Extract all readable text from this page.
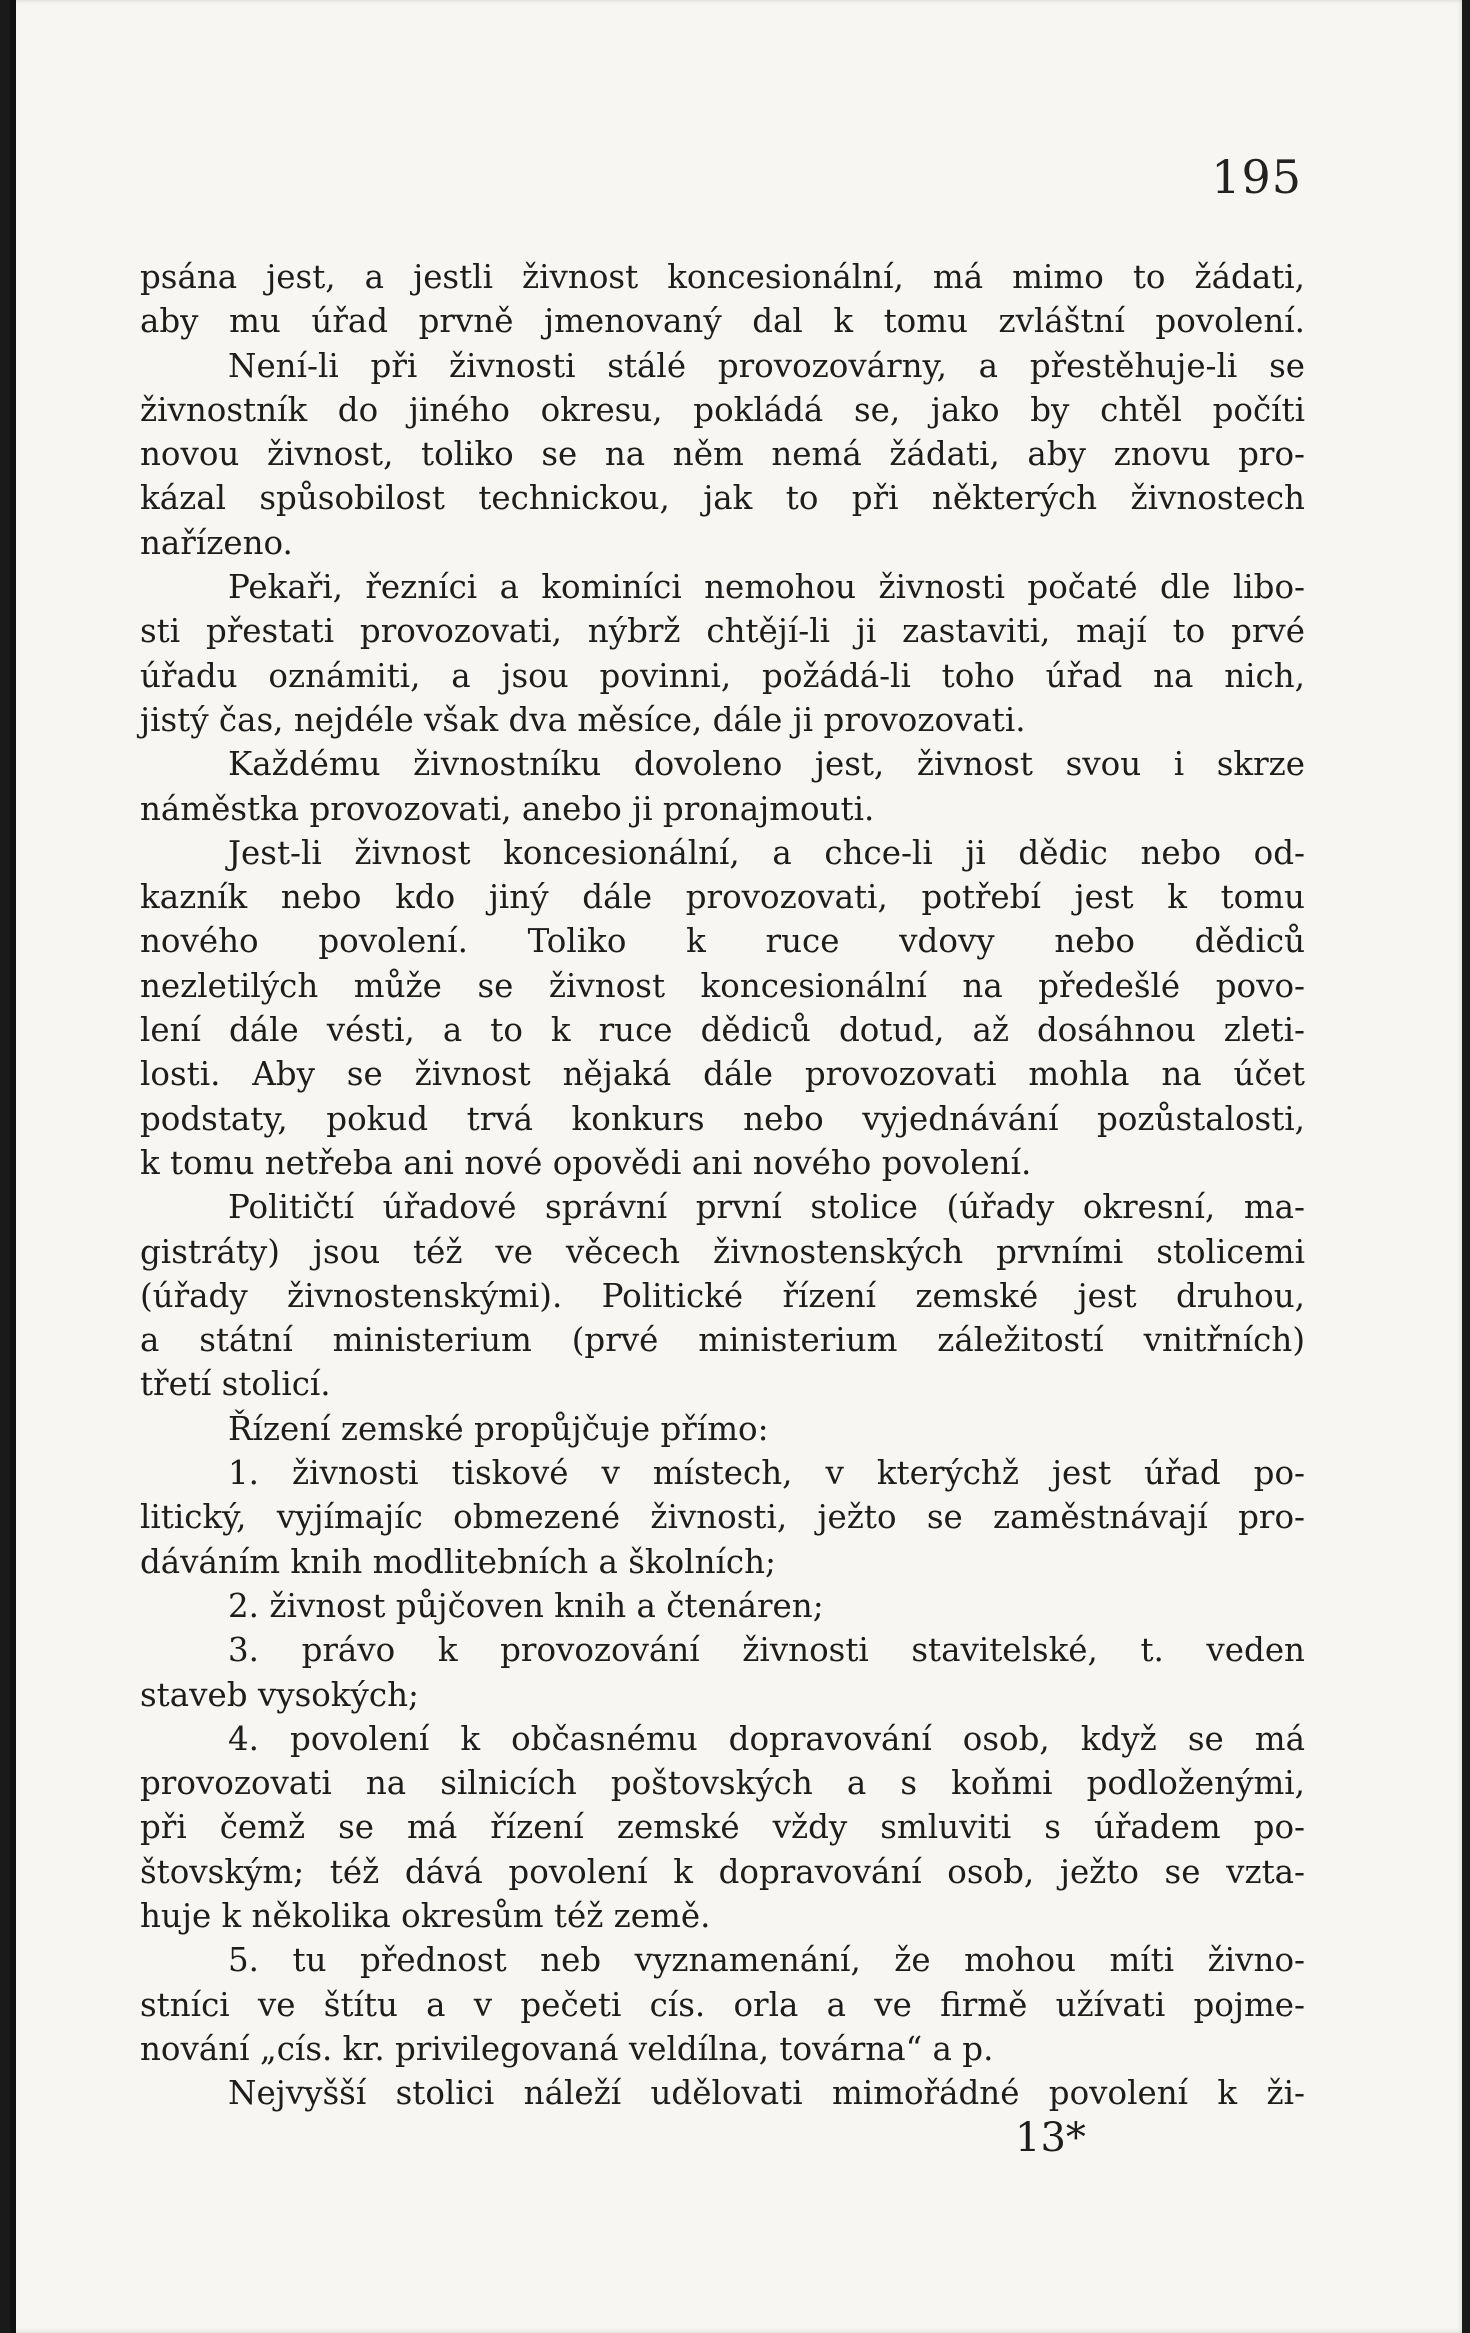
195
psána jest, a jestli živnost koncesionální, má mimo to žádati,
aby mu úřad prvně jmenovaný dal k tomu zvláštní povolení.
Není-li při živnosti stálé provozovárny, a přestěhuje-li se
živnostník do jiného okresu, pokládá se, jako by chtěl počíti
novou živnost, toliko se na něm nemá žádati, aby znovu pro-
kázal spůsobilost technickou, jak to při některých živnostech
nařízeno.
Pekaři, řezníci a kominíci nemohou živnosti počaté dle libo-
sti přestati provozovati, nýbrž chtějí-li ji zastaviti, mají to prvé
úřadu oznámiti, a jsou povinni, požádá-li toho úřad na nich,
jistý čas, nejdéle však dva měsíce, dále ji provozovati.
Každému živnostníku dovoleno jest, živnost svou i skrze
náměstka provozovati, anebo ji pronajmouti.
Jest-li živnost koncesionální, a chce-li ji dědic nebo od-
kazník nebo kdo jiný dále provozovati, potřebí jest k tomu
nového povolení. Toliko k ruce vdovy nebo dědiců
nezletilých může se živnost koncesionální na předešlé povo-
lení dále vésti, a to k ruce dědiců dotud, až dosáhnou zleti-
losti. Aby se živnost nějaká dále provozovati mohla na účet
podstaty, pokud trvá konkurs nebo vyjednávání pozůstalosti,
k tomu netřeba ani nové opovědi ani nového povolení.
Političtí úřadové správní první stolice (úřady okresní, ma-
gistráty) jsou též ve věcech živnostenských prvními stolicemi
(úřady živnostenskými). Politické řízení zemské jest druhou,
a státní ministerium (prvé ministerium záležitostí vnitřních)
třetí stolicí.
Řízení zemské propůjčuje přímo:
1. živnosti tiskové v místech, v kterýchž jest úřad po-
litický, vyjímajíc obmezené živnosti, ježto se zaměstnávají pro-
dáváním knih modlitebních a školních;
2. živnost půjčoven knih a čtenáren;
3. právo k provozování živnosti stavitelské, t. veden
staveb vysokých;
4. povolení k občasnému dopravování osob, když se má
provozovati na silnicích poštovských a s koňmi podloženými,
při čemž se má řízení zemské vždy smluviti s úřadem po-
štovským; též dává povolení k dopravování osob, ježto se vzta-
huje k několika okresům též země.
5. tu přednost neb vyznamenání, že mohou míti živno-
stníci ve štítu a v pečeti cís. orla a ve firmě užívati pojme-
nování „cís. kr. privilegovaná veldílna, továrna“ a p.
Nejvyšší stolici náleží udělovati mimořádné povolení k ži-
13*
